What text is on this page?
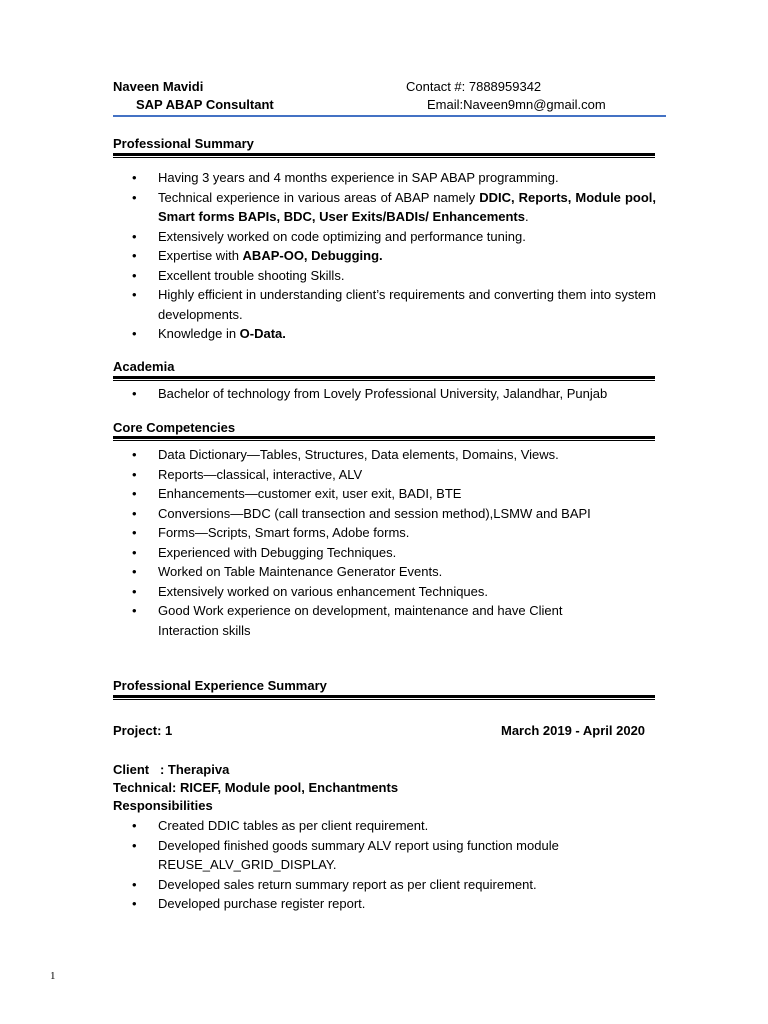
Naveen Mavidi
SAP ABAP Consultant
Contact #: 7888959342
Email:Naveen9mn@gmail.com
Professional Summary
• Having 3 years and 4 months experience in SAP ABAP programming.
• Technical experience in various areas of ABAP namely DDIC, Reports, Module pool, Smart forms BAPIs, BDC, User Exits/BADIs/ Enhancements.
• Extensively worked on code optimizing and performance tuning.
• Expertise with ABAP-OO, Debugging.
• Excellent trouble shooting Skills.
• Highly efficient in understanding client’s requirements and converting them into system developments.
• Knowledge in O-Data.
Academia
• Bachelor of technology from Lovely Professional University, Jalandhar, Punjab
Core Competencies
• Data Dictionary—Tables, Structures, Data elements, Domains, Views.
• Reports—classical, interactive, ALV
• Enhancements—customer exit, user exit, BADI, BTE
• Conversions—BDC (call transection and session method),LSMW and BAPI
• Forms—Scripts, Smart forms, Adobe forms.
• Experienced with Debugging Techniques.
• Worked on Table Maintenance Generator Events.
• Extensively worked on various enhancement Techniques.
• Good Work experience on development, maintenance and have Client Interaction skills
Professional Experience Summary
Project: 1	March 2019 - April 2020
Client   : Therapiva
Technical: RICEF, Module pool, Enchantments
Responsibilities
• Created DDIC tables as per client requirement.
• Developed finished goods summary ALV report using function module REUSE_ALV_GRID_DISPLAY.
• Developed sales return summary report as per client requirement.
• Developed purchase register report.
1
